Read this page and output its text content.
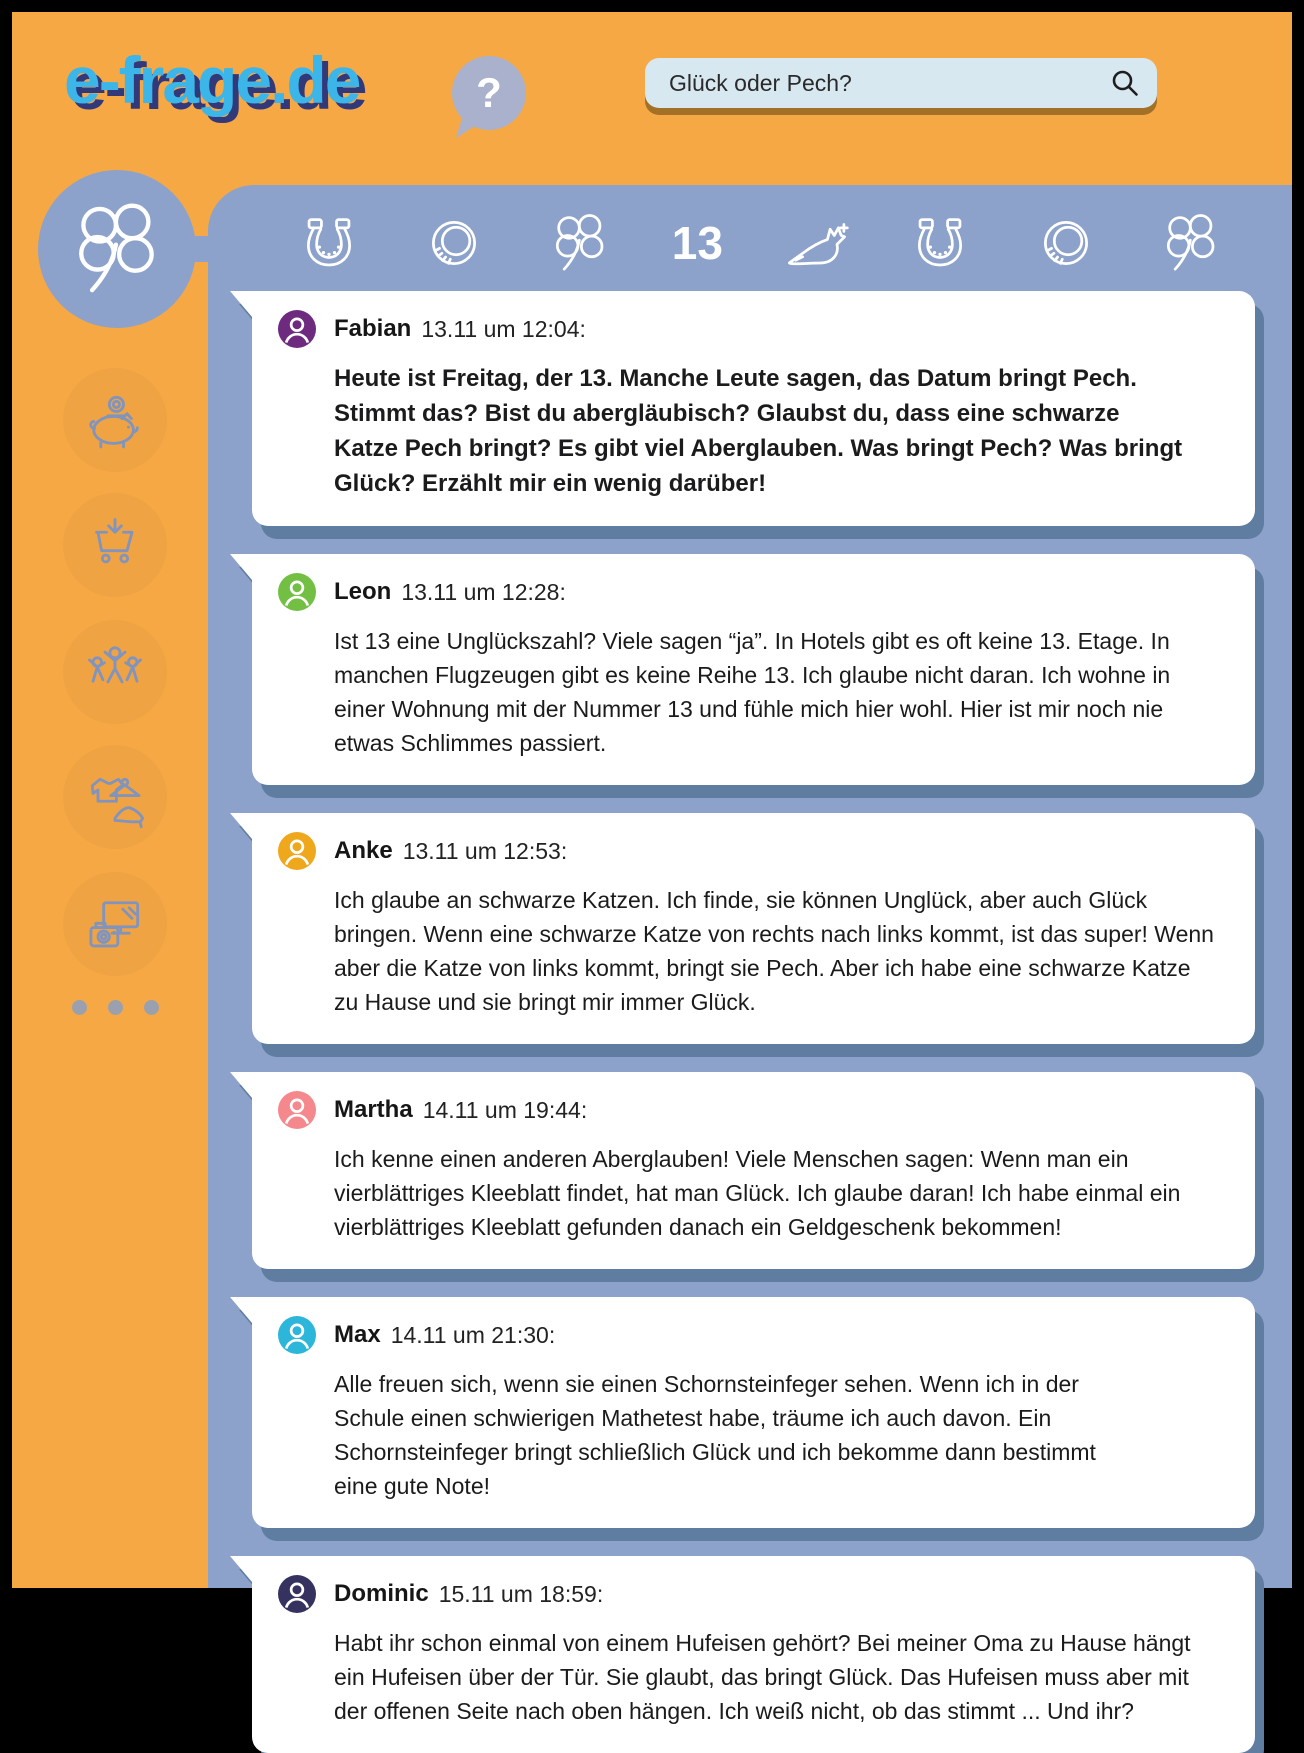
e-frage.de	?
Glück oder Pech?
13
Fabian 13.11 um 12:04:
Heute ist Freitag, der 13. Manche Leute sagen, das Datum bringt Pech. Stimmt das? Bist du abergläubisch? Glaubst du, dass eine schwarze Katze Pech bringt? Es gibt viel Aberglauben. Was bringt Pech? Was bringt Glück? Erzählt mir ein wenig darüber!
Leon 13.11 um 12:28:
Ist 13 eine Unglückszahl? Viele sagen “ja”. In Hotels gibt es oft keine 13. Etage. In manchen Flugzeugen gibt es keine Reihe 13. Ich glaube nicht daran. Ich wohne in einer Wohnung mit der Nummer 13 und fühle mich hier wohl. Hier ist mir noch nie etwas Schlimmes passiert.
Anke 13.11 um 12:53:
Ich glaube an schwarze Katzen. Ich finde, sie können Unglück, aber auch Glück bringen. Wenn eine schwarze Katze von rechts nach links kommt, ist das super! Wenn aber die Katze von links kommt, bringt sie Pech. Aber ich habe eine schwarze Katze zu Hause und sie bringt mir immer Glück.
Martha 14.11 um 19:44:
Ich kenne einen anderen Aberglauben! Viele Menschen sagen: Wenn man ein vierblättriges Kleeblatt findet, hat man Glück. Ich glaube daran! Ich habe einmal ein vierblättriges Kleeblatt gefunden danach ein Geldgeschenk bekommen!
Max 14.11 um 21:30:
Alle freuen sich, wenn sie einen Schornsteinfeger sehen. Wenn ich in der Schule einen schwierigen Mathetest habe, träume ich auch davon. Ein Schornsteinfeger bringt schließlich Glück und ich bekomme dann bestimmt eine gute Note!
Dominic 15.11 um 18:59:
Habt ihr schon einmal von einem Hufeisen gehört? Bei meiner Oma zu Hause hängt ein Hufeisen über der Tür. Sie glaubt, das bringt Glück. Das Hufeisen muss aber mit der offenen Seite nach oben hängen. Ich weiß nicht, ob das stimmt ... Und ihr?
